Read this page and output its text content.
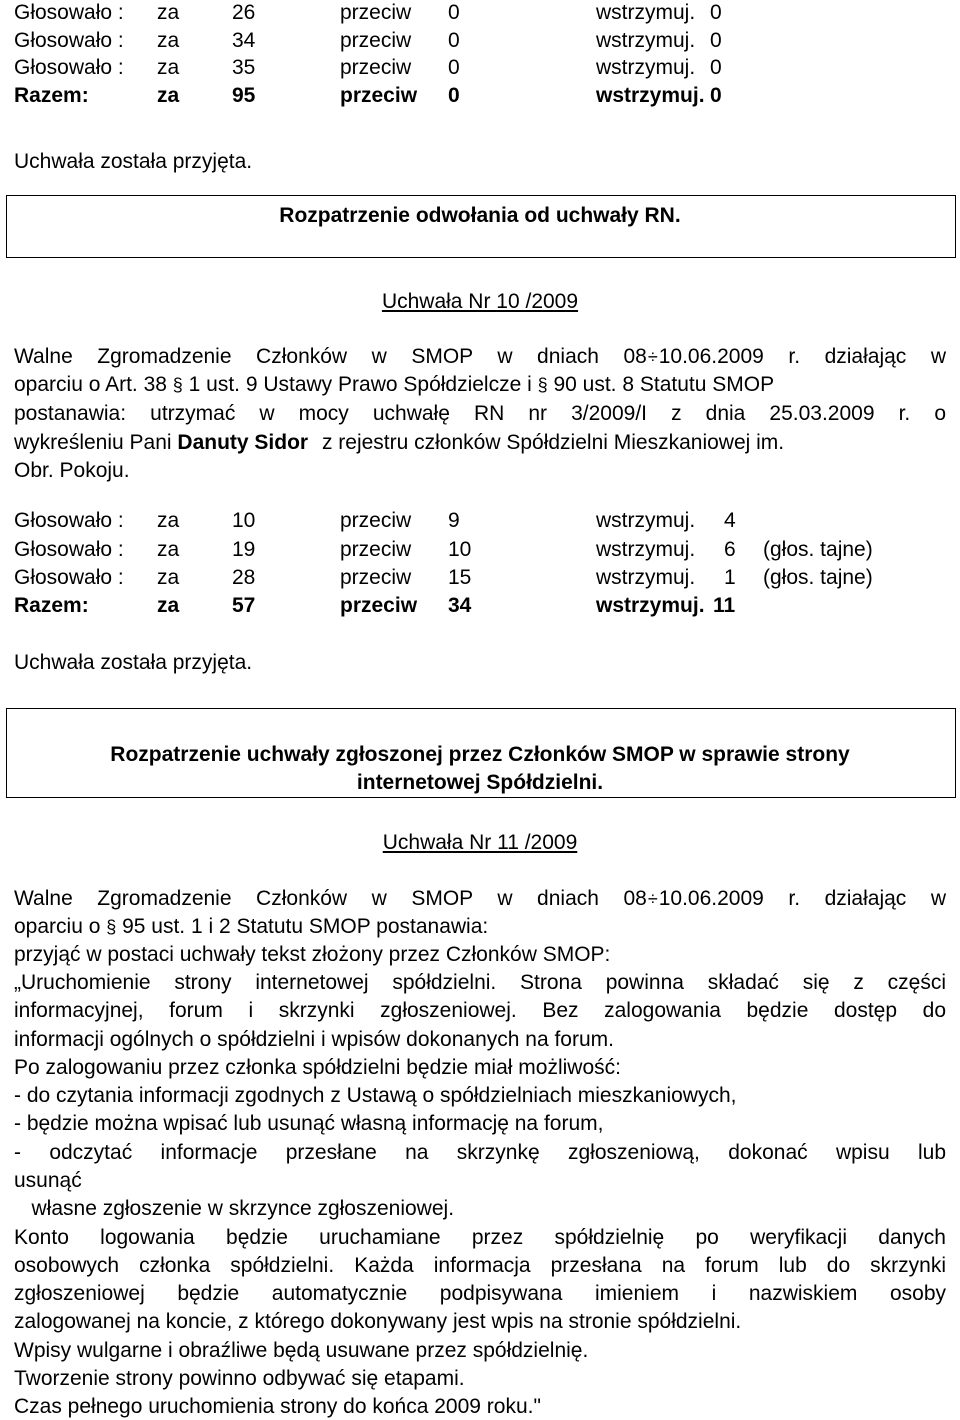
Głosowało : za	26	przeciw 0	wstrzymuj. 0
Głosowało : za	34	przeciw 0	wstrzymuj. 0
Głosowało : za	35	przeciw 0	wstrzymuj. 0
Razem:	za	95	przeciw 0	wstrzymuj. 0
Uchwała została przyjęta.
Rozpatrzenie odwołania od uchwały RN.
Uchwała Nr 10 /2009
Walne Zgromadzenie Członków w SMOP w dniach 08÷10.06.2009 r. działając w
oparciu o Art. 38 § 1 ust. 9 Ustawy Prawo Spółdzielcze i § 90 ust. 8 Statutu SMOP
postanawia: utrzymać w mocy uchwałę RN nr 3/2009/I z dnia 25.03.2009 r. o
wykreśleniu Pani Danuty Sidor z rejestru członków Spółdzielni Mieszkaniowej im.
Obr. Pokoju.
Głosowało : za	10	przeciw 9	wstrzymuj. 4
Głosowało : za	19	przeciw 10	wstrzymuj. 6 (głos. tajne)
Głosowało : za	28	przeciw 15	wstrzymuj. 1 (głos. tajne)
Razem:	za	57	przeciw 34	wstrzymuj. 11
Uchwała została przyjęta.
Rozpatrzenie uchwały zgłoszonej przez Członków SMOP w sprawie strony
internetowej Spółdzielni.
Uchwała Nr 11 /2009
Walne Zgromadzenie Członków w SMOP w dniach 08÷10.06.2009 r. działając w
oparciu o § 95 ust. 1 i 2 Statutu SMOP postanawia:
przyjąć w postaci uchwały tekst złożony przez Członków SMOP:
„Uruchomienie strony internetowej spółdzielni. Strona powinna składać się z części
informacyjnej, forum i skrzynki zgłoszeniowej. Bez zalogowania będzie dostęp do
informacji ogólnych o spółdzielni i wpisów dokonanych na forum.
Po zalogowaniu przez członka spółdzielni będzie miał możliwość:
- do czytania informacji zgodnych z Ustawą o spółdzielniach mieszkaniowych,
- będzie można wpisać lub usunąć własną informację na forum,
- odczytać informacje przesłane na skrzynkę zgłoszeniową, dokonać wpisu lub
usunąć
własne zgłoszenie w skrzynce zgłoszeniowej.
Konto logowania będzie uruchamiane przez spółdzielnię po weryfikacji danych
osobowych członka spółdzielni. Każda informacja przesłana na forum lub do skrzynki
zgłoszeniowej będzie automatycznie podpisywana imieniem i nazwiskiem osoby
zalogowanej na koncie, z którego dokonywany jest wpis na stronie spółdzielni.
Wpisy wulgarne i obraźliwe będą usuwane przez spółdzielnię.
Tworzenie strony powinno odbywać się etapami.
Czas pełnego uruchomienia strony do końca 2009 roku."
